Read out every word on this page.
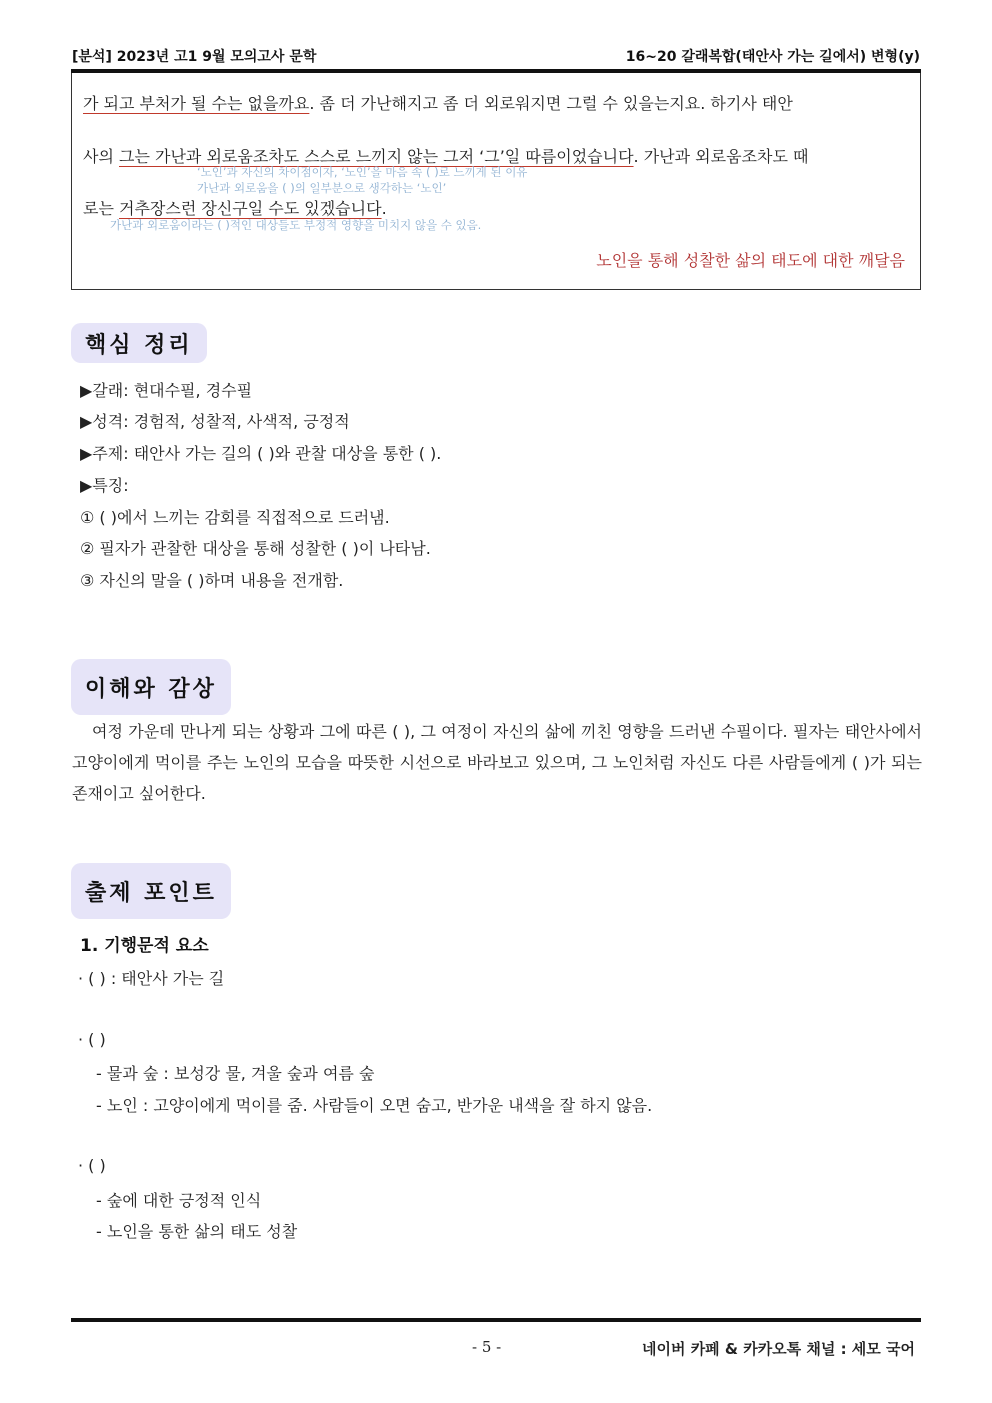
[분석] 2023년 고1 9월 모의고사 문학	16~20 갈래복합(태안사 가는 길에서) 변형(y)
가 되고 부처가 될 수는 없을까요. 좀 더 가난해지고 좀 더 외로워지면 그럴 수 있을는지요. 하기사 태안
사의 그는 가난과 외로움조차도 스스로 느끼지 않는 그저 ‘그’일 따름이었습니다. 가난과 외로움조차도 때
‘노인’과 자신의 차이점이자, ‘노인’을 마음 속 ( )로 느끼게 된 이유
가난과 외로움을 ( )의 일부분으로 생각하는 ‘노인’
로는 거추장스런 장신구일 수도 있겠습니다.
가난과 외로움이라는 ( )적인 대상들도 부정적 영향을 미치지 않을 수 있음.
노인을 통해 성찰한 삶의 태도에 대한 깨달음
핵심 정리
▶갈래: 현대수필, 경수필
▶성격: 경험적, 성찰적, 사색적, 긍정적
▶주제: 태안사 가는 길의 ( )와 관찰 대상을 통한 ( ).
▶특징:
① ( )에서 느끼는 감회를 직접적으로 드러냄.
② 필자가 관찰한 대상을 통해 성찰한 ( )이 나타남.
③ 자신의 말을 ( )하며 내용을 전개함.
이해와 감상
여정 가운데 만나게 되는 상황과 그에 따른 ( ), 그 여정이 자신의 삶에 끼친 영향을 드러낸 수필이다. 필자는 태안사에서 고양이에게 먹이를 주는 노인의 모습을 따뜻한 시선으로 바라보고 있으며, 그 노인처럼 자신도 다른 사람들에게 ( )가 되는 존재이고 싶어한다.
출제 포인트
1. 기행문적 요소
· ( ) : 태안사 가는 길
· ( )
- 물과 숲 : 보성강 물, 겨울 숲과 여름 숲
- 노인 : 고양이에게 먹이를 줌. 사람들이 오면 숨고, 반가운 내색을 잘 하지 않음.
· ( )
- 숲에 대한 긍정적 인식
- 노인을 통한 삶의 태도 성찰
- 5 -	네이버 카페 & 카카오톡 채널 : 세모 국어
